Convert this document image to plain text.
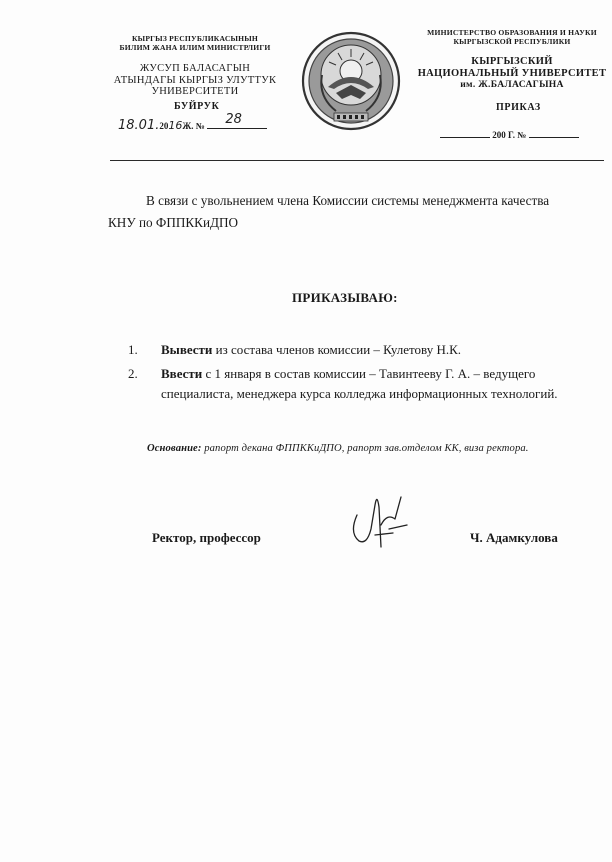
КЫРГЫЗ РЕСПУБЛИКАСЫНЫН
БИЛИМ ЖАНА ИЛИМ МИНИСТРЛИГИ
ЖУСУП БАЛАСАГЫН
АТЫНДАГЫ КЫРГЫЗ УЛУТТУК
УНИВЕРСИТЕТИ
БУЙРУК
18.01.2016Ж. № 28
МИНИСТЕРСТВО ОБРАЗОВАНИЯ И НАУКИ
КЫРГЫЗСКОЙ РЕСПУБЛИКИ
КЫРГЫЗСКИЙ
НАЦИОНАЛЬНЫЙ УНИВЕРСИТЕТ
им. Ж.БАЛАСАГЫНА
ПРИКАЗ
200 Г. №
В связи с увольнением члена Комиссии системы менеджмента качества
КНУ по ФППККиДПО
ПРИКАЗЫВАЮ:
1. Вывести из состава членов комиссии – Кулетову Н.К.
2. Ввести с 1 января в состав комиссии – Тавинтееву Г. А. – ведущего специалиста, менеджера курса колледжа информационных технологий.
Основание: рапорт декана ФППККиДПО, рапорт зав.отделом КК, виза ректора.
Ректор, профессор	Ч. Адамкулова
